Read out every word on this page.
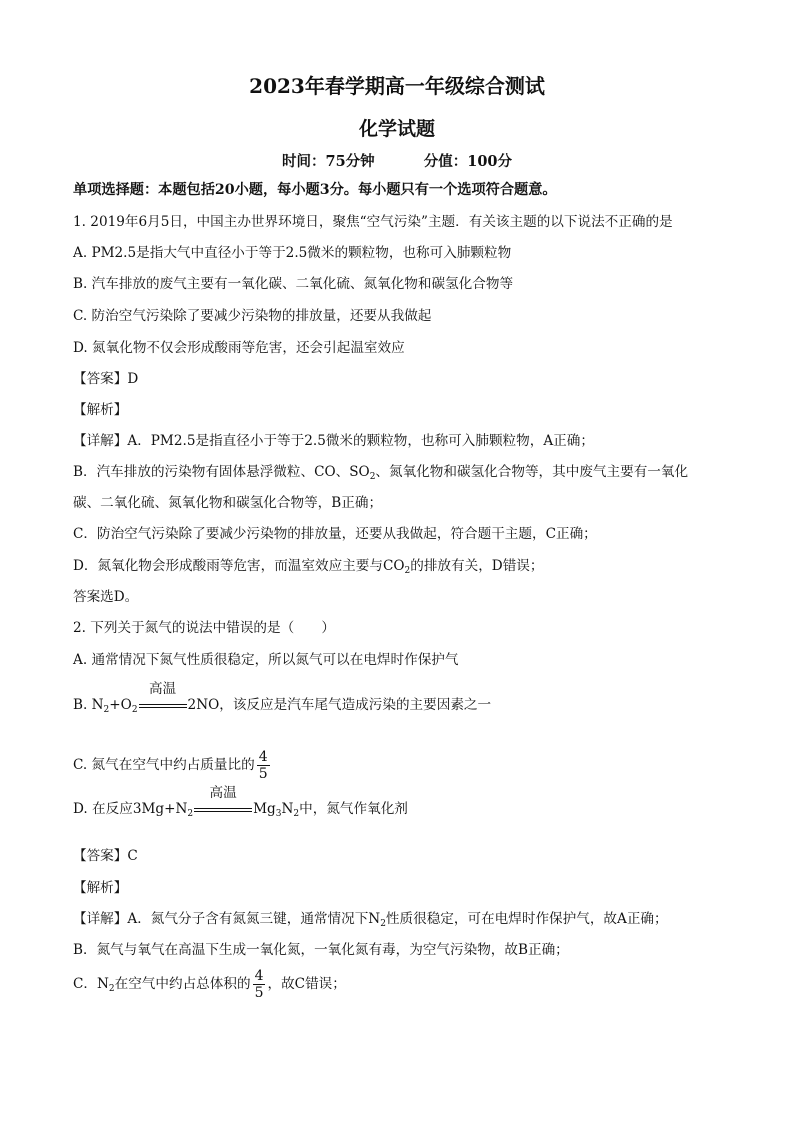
2023年春学期高一年级综合测试
化学试题
时间：75分钟	分值：100分
单项选择题：本题包括20小题，每小题3分。每小题只有一个选项符合题意。
1. 2019年6月5日，中国主办世界环境日，聚焦“空气污染”主题．有关该主题的以下说法不正确的是
A. PM2.5是指大气中直径小于等于2.5微米的颗粒物，也称可入肺颗粒物
B. 汽车排放的废气主要有一氧化碳、二氧化硫、氮氧化物和碳氢化合物等
C. 防治空气污染除了要减少污染物的排放量，还要从我做起
D. 氮氧化物不仅会形成酸雨等危害，还会引起温室效应
【答案】D
【解析】
【详解】A．PM2.5是指直径小于等于2.5微米的颗粒物，也称可入肺颗粒物，A正确；
B．汽车排放的污染物有固体悬浮微粒、CO、$SO_2$、氮氧化物和碳氢化合物等，其中废气主要有一氧化
碳、二氧化硫、氮氧化物和碳氢化合物等，B正确；
C．防治空气污染除了要减少污染物的排放量，还要从我做起，符合题干主题，C正确；
D．氮氧化物会形成酸雨等危害，而温室效应主要与$CO_2$的排放有关，D错误；
答案选D。
2. 下列关于氮气的说法中错误的是（　　）
A. 通常情况下氮气性质很稳定，所以氮气可以在电焊时作保护气
B. $N_2+O_2$
高温
2NO，该反应是汽车尾气造成污染的主要因素之一
C. 氮气在空气中约占质量比的 $\frac{4}{5}$
D. 在反应$3Mg+N_2$
高温
$Mg_3N_2$中，氮气作氧化剂
【答案】C
【解析】
【详解】A．氮气分子含有氮氮三键，通常情况下$N_2$性质很稳定，可在电焊时作保护气，故A正确；
B．氮气与氧气在高温下生成一氧化氮，一氧化氮有毒，为空气污染物，故B正确；
C．$N_2$在空气中约占总体积的 $\frac{4}{5}$ ，故C错误；
